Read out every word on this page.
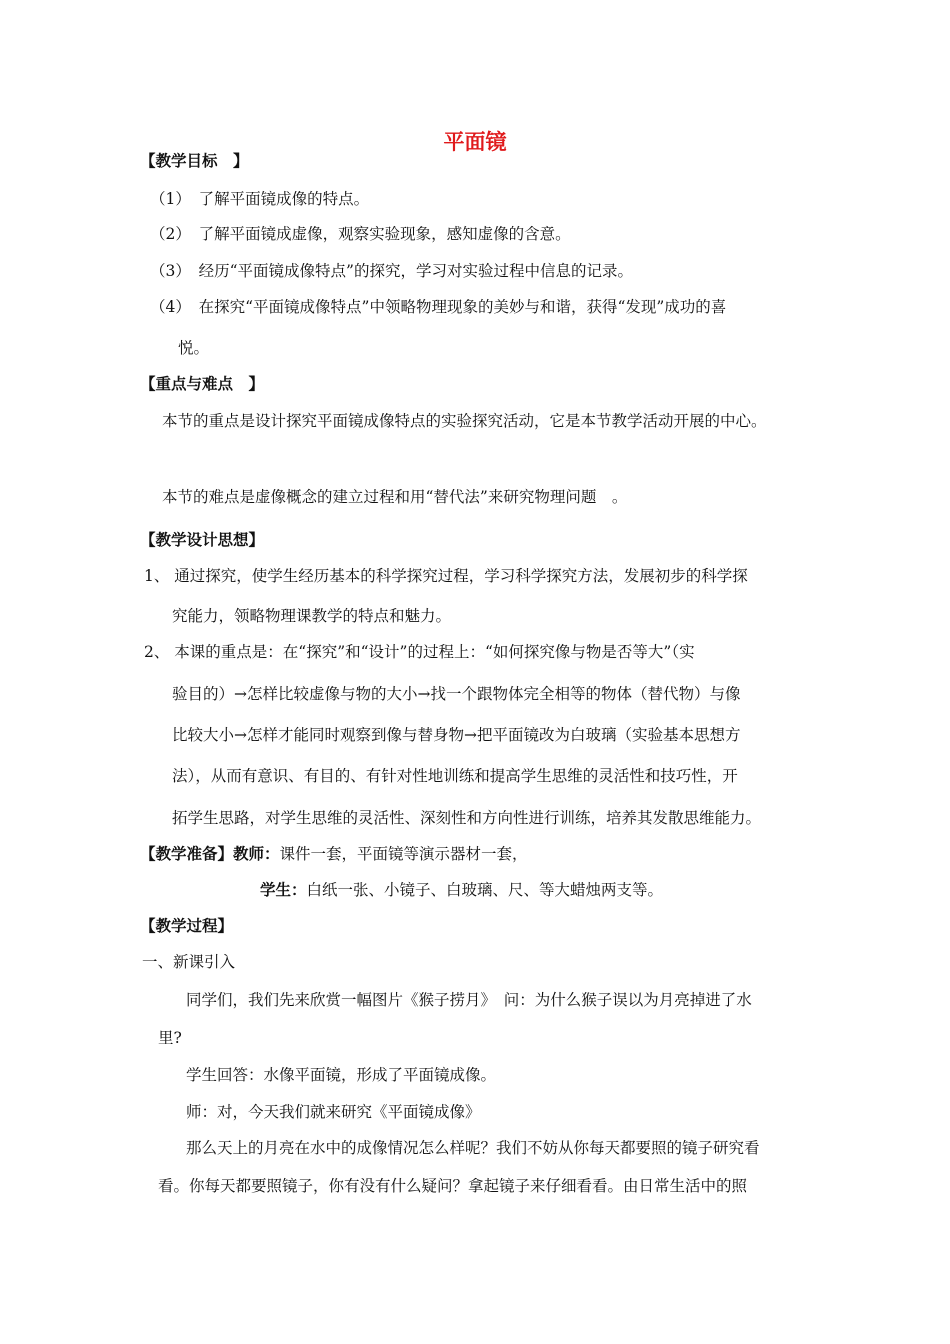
平面镜
【教学目标　】
（1）　了解平面镜成像的特点。
（2）　了解平面镜成虚像，观察实验现象，感知虚像的含意。
（3）　经历“平面镜成像特点”的探究，学习对实验过程中信息的记录。
（4）　在探究“平面镜成像特点”中领略物理现象的美妙与和谐，获得“发现”成功的喜
悦。
【重点与难点　】
本节的重点是设计探究平面镜成像特点的实验探究活动，它是本节教学活动开展的中心。
本节的难点是虚像概念的建立过程和用“替代法”来研究物理问题　。
【教学设计思想】
1、 通过探究，使学生经历基本的科学探究过程，学习科学探究方法，发展初步的科学探
究能力，领略物理课教学的特点和魅力。
2、 本课的重点是：在“探究”和“设计”的过程上：“如何探究像与物是否等大”（实
验目的）→怎样比较虚像与物的大小→找一个跟物体完全相等的物体（替代物）与像
比较大小→怎样才能同时观察到像与替身物→把平面镜改为白玻璃（实验基本思想方
法），从而有意识、有目的、有针对性地训练和提高学生思维的灵活性和技巧性，开
拓学生思路，对学生思维的灵活性、深刻性和方向性进行训练，培养其发散思维能力。
【教学准备】教师：课件一套，平面镜等演示器材一套，
学生：白纸一张、小镜子、白玻璃、尺、等大蜡烛两支等。
【教学过程】
一、新课引入
同学们，我们先来欣赏一幅图片《猴子捞月》　问：为什么猴子误以为月亮掉进了水
里?
学生回答：水像平面镜，形成了平面镜成像。
师：对，今天我们就来研究《平面镜成像》
那么天上的月亮在水中的成像情况怎么样呢？我们不妨从你每天都要照的镜子研究看
看。你每天都要照镜子，你有没有什么疑问？拿起镜子来仔细看看。由日常生活中的照
